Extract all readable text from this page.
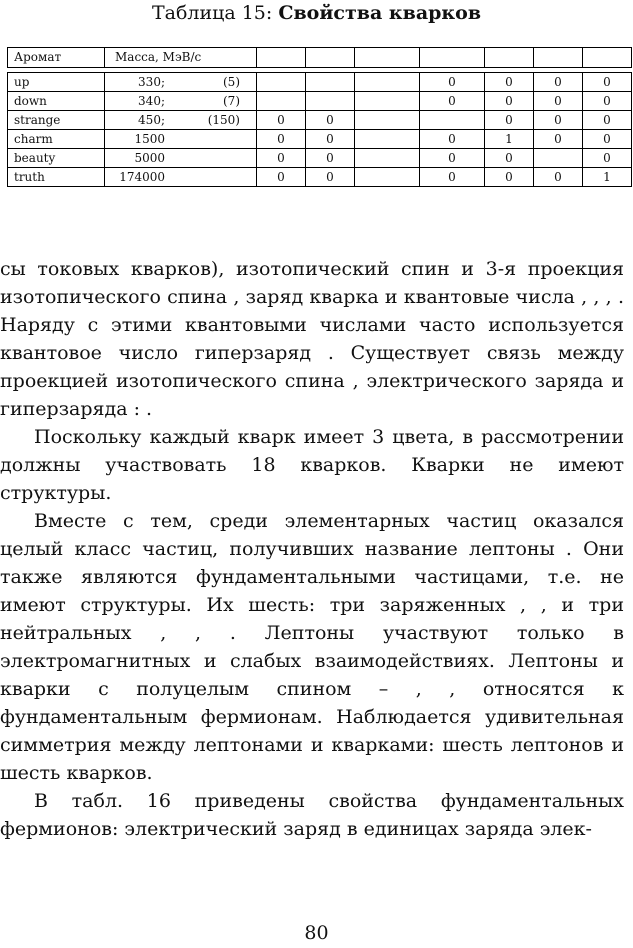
Таблица 15: Свойства кварков
Аромат	Масса, МэВ/с							

up	330; (5)				0	0	0	0
down	340; (7)				0	0	0	0
strange	450; (150)	0	0			0	0	0
charm	1500	0	0		0	1	0	0
beauty	5000	0	0		0	0		0
truth	174000	0	0		0	0	0	1

сы токовых кварков), изотопический спин и 3-я проекция изотопического спина , заряд кварка и квантовые числа , , , . Наряду с этими квантовыми числами часто используется квантовое число гиперзаряд . Существует связь между проекцией изотопического спина , электрического заряда и гиперзаряда : .

Поскольку каждый кварк имеет 3 цвета, в рассмотрении должны участвовать 18 кварков. Кварки не имеют структуры.

Вместе с тем, среди элементарных частиц оказался целый класс частиц, получивших название лептоны . Они также являются фундаментальными частицами, т.е. не имеют структуры. Их шесть: три заряженных , , и три нейтральных , , . Лептоны участвуют только в электромагнитных и слабых взаимодействиях. Лептоны и кварки с полуцелым спином – , , относятся к фундаментальным фермионам. Наблюдается удивительная симметрия между лептонами и кварками: шесть лептонов и шесть кварков.

В табл. 16 приведены свойства фундаментальных фермионов: электрический заряд в единицах заряда элек-

80
